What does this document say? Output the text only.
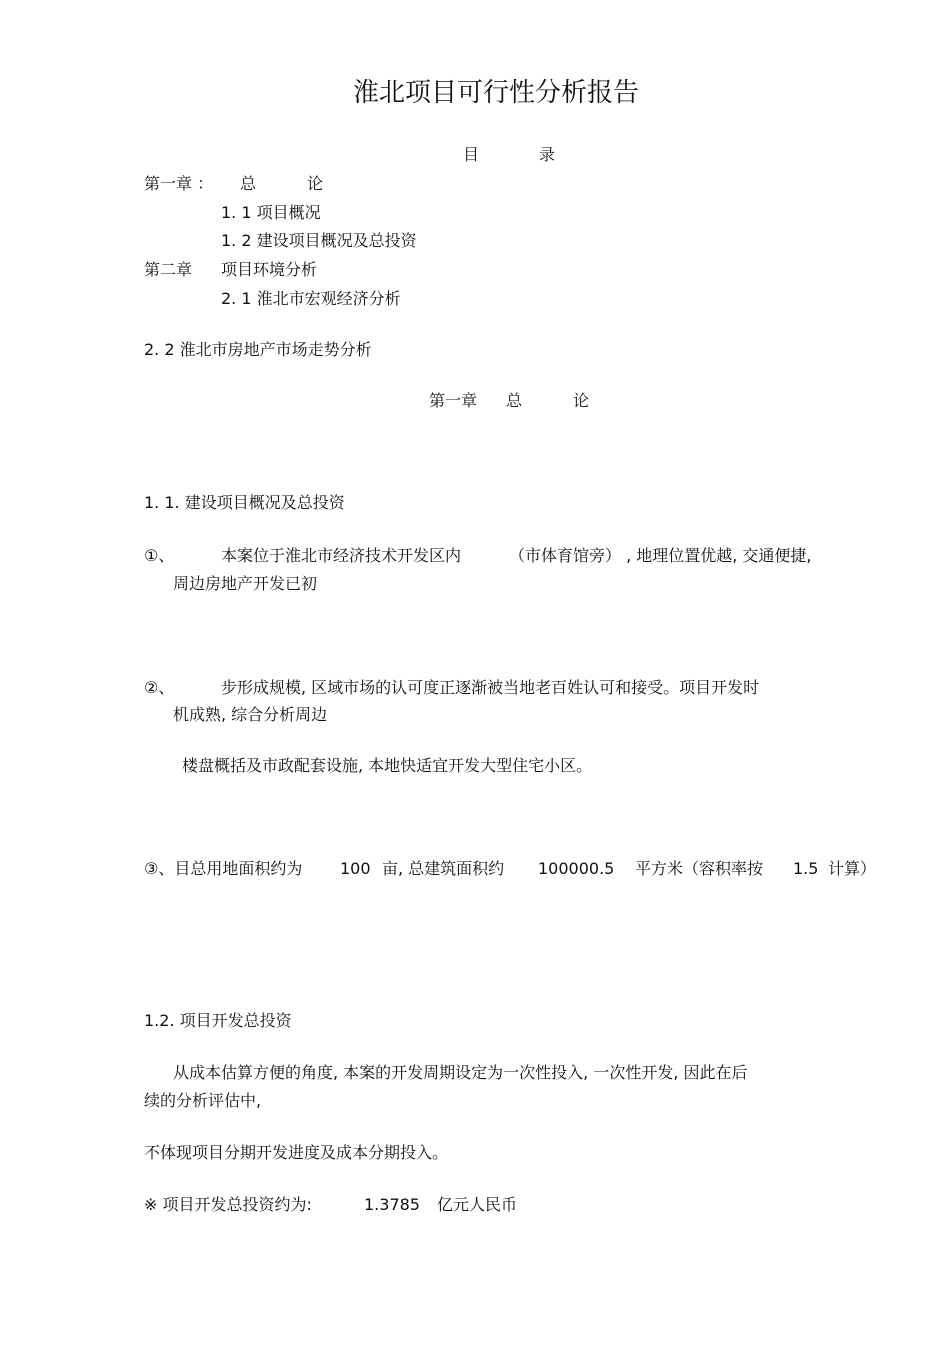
淮北项目可行性分析报告
目	录
第一章 ： 总	论
1. 1 项目概况
1. 2 建设项目概况及总投资
第二章 项目环境分析
2. 1 淮北市宏观经济分析
2. 2 淮北市房地产市场走势分析
第一章 总	论
1. 1. 建设项目概况及总投资
①、	本案位于淮北市经济技术开发区内	（市体育馆旁） , 地理位置优越, 交通便捷,
周边房地产开发已初
②、	步形成规模, 区域市场的认可度正逐渐被当地老百姓认可和接受。项目开发时
机成熟, 综合分析周边
楼盘概括及市政配套设施, 本地快适宜开发大型住宅小区。
③、目总用地面积约为 100 亩, 总建筑面积约 100000.5 平方米（容积率按 1.5 计算）
1.2. 项目开发总投资
从成本估算方便的角度, 本案的开发周期设定为一次性投入, 一次性开发, 因此在后
续的分析评估中,
不体现项目分期开发进度及成本分期投入。
※ 项目开发总投资约为:	1.3785 亿元人民币
